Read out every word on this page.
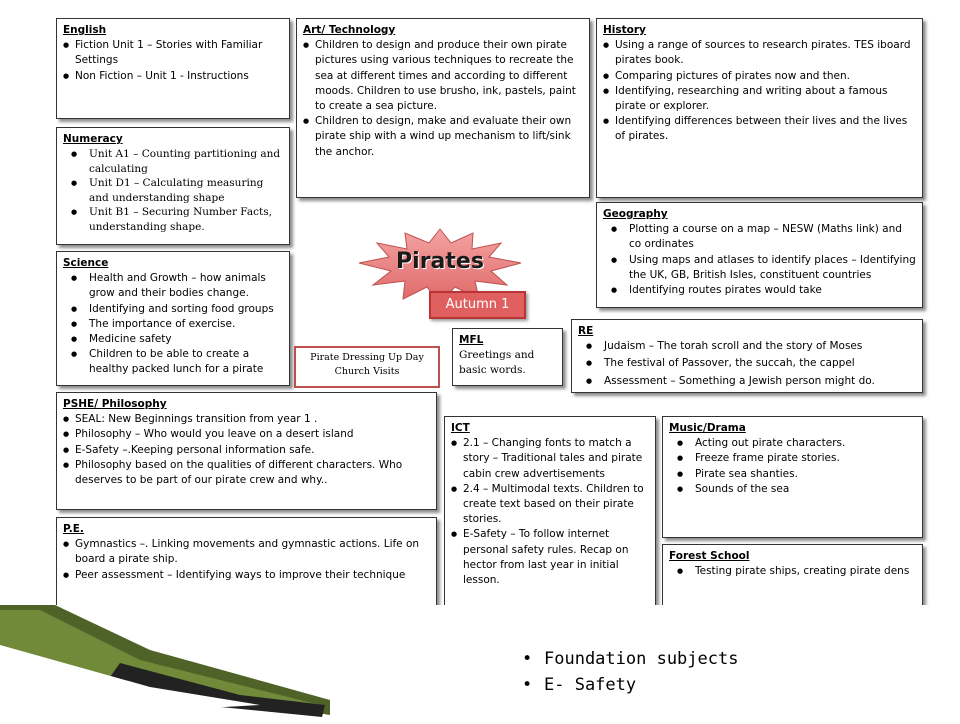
English
● Fiction Unit 1 – Stories with Familiar Settings
● Non Fiction – Unit 1 - Instructions
Art/ Technology
● Children to design and produce their own pirate pictures using various techniques to recreate the sea at different times and according to different moods. Children to use brusho, ink, pastels, paint to create a sea picture.
● Children to design, make and evaluate their own pirate ship with a wind up mechanism to lift/sink the anchor.
History
● Using a range of sources to research pirates. TES iboard pirates book.
● Comparing pictures of pirates now and then.
● Identifying, researching and writing about a famous pirate or explorer.
● Identifying differences between their lives and the lives of pirates.
Numeracy
● Unit A1 – Counting partitioning and calculating
● Unit D1 – Calculating measuring and understanding shape
● Unit B1 – Securing Number Facts, understanding shape.
Geography
● Plotting a course on a map – NESW (Maths link) and co ordinates
● Using maps and atlases to identify places – Identifying the UK, GB, British Isles, constituent countries
● Identifying routes pirates would take
Science
● Health and Growth – how animals grow and their bodies change.
● Identifying and sorting food groups
● The importance of exercise.
● Medicine safety
● Children to be able to create a healthy packed lunch for a pirate
Pirates
Autumn 1
MFL
Greetings and basic words.
RE
● Judaism – The torah scroll and the story of Moses
● The festival of Passover, the succah, the cappel
● Assessment – Something a Jewish person might do.
Pirate Dressing Up Day
Church Visits
PSHE/ Philosophy
● SEAL: New Beginnings transition from year 1 .
● Philosophy – Who would you leave on a desert island
● E-Safety –.Keeping personal information safe.
● Philosophy based on the qualities of different characters. Who deserves to be part of our pirate crew and why..
ICT
● 2.1 – Changing fonts to match a story – Traditional tales and pirate cabin crew advertisements
● 2.4 – Multimodal texts. Children to create text based on their pirate stories.
● E-Safety – To follow internet personal safety rules. Recap on hector from last year in initial lesson.
Music/Drama
● Acting out pirate characters.
● Freeze frame pirate stories.
● Pirate sea shanties.
● Sounds of the sea
P.E.
● Gymnastics –. Linking movements and gymnastic actions. Life on board a pirate ship.
● Peer assessment – Identifying ways to improve their technique
Forest School
● Testing pirate ships, creating pirate dens
• Foundation subjects
• E- Safety
